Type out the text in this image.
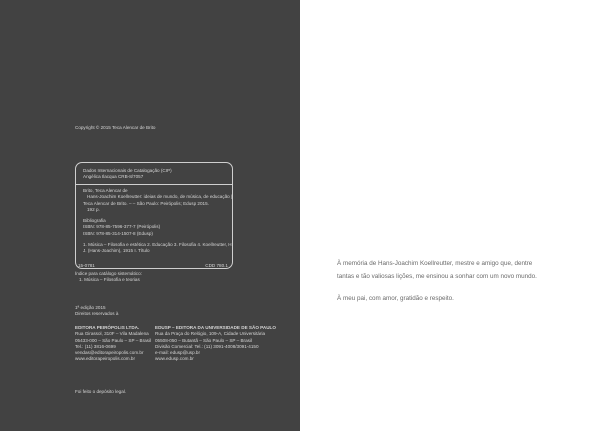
Copyright © 2015 Teca Alencar de Brito
Dados Internacionais de Catalogação (CIP)
Angélica Ilacqua CRB-8/7057
Brito, Teca Alencar de
Hans-Joachim Koellreutter: ideias de mundo, de música, de educação |
Teca Alencar de Brito. – – São Paulo: Peirópolis; Edusp 2015.
192 p.
Bibliografia
ISBN: 978-85-7596-377-7 (Peirópolis)
ISBN: 978-85-314-1507-8 (Edusp)
1. Música – Filosofia e estética 2. Educação 3. Filosofia 4. Koellreutter, H.
J. (Hans-Joachim), 1915 I. Título
15-0781	CDD 780.1
Índice para catálogo sistemático:
1. Música – Filosofia e teorias
1ª edição 2015
Direitos reservados à
EDITORA PEIRÓPOLIS LTDA.
Rua Girassol, 310F – Vila Madalena
05433-000 – São Paulo – SP – Brasil
Tel.: (11) 3816-0699
vendas@editorapeiropolis.com.br
www.editorapeiropolis.com.br
EDUSP – EDITORA DA UNIVERSIDADE DE SÃO PAULO
Rua da Praça do Relógio, 109-A, Cidade Universitária
05508-050 – Butantã – São Paulo – SP – Brasil
Divisão Comercial: Tel.: (11) 3091-4008/3091-4150
e-mail: edusp@usp.br
www.edusp.com.br
Foi feito o depósito legal.
À memória de Hans-Joachim Koellreutter, mestre e amigo que, dentre
tantas e tão valiosas lições, me ensinou a sonhar com um novo mundo.
À meu pai, com amor, gratidão e respeito.
